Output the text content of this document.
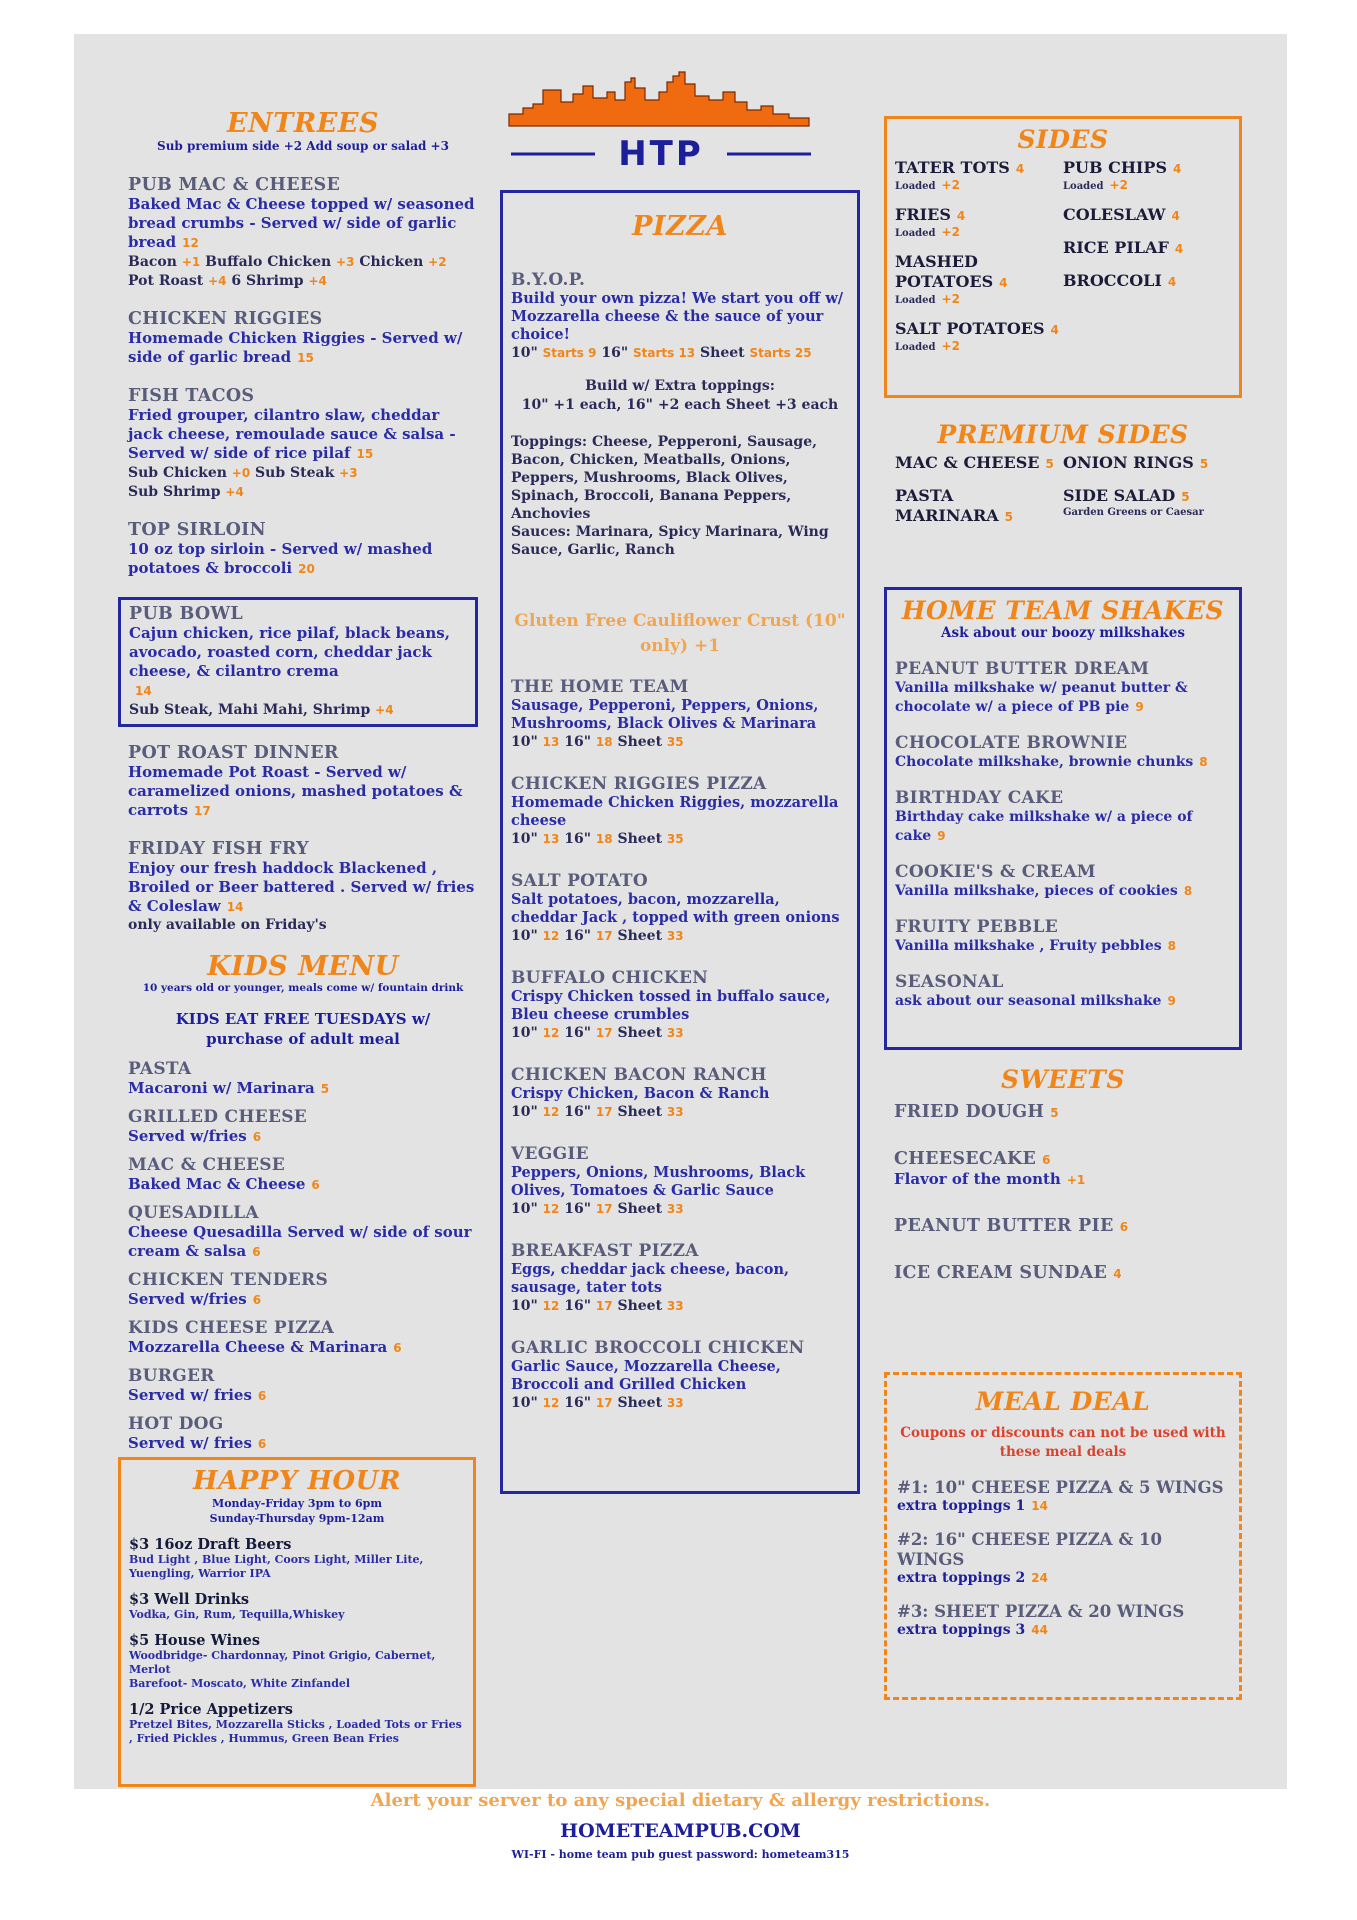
ENTREES
Sub premium side +2 Add soup or salad +3
PUB MAC & CHEESE
Baked Mac & Cheese topped w/ seasoned bread crumbs - Served w/ side of garlic bread 12
Bacon +1 Buffalo Chicken +3 Chicken +2
Pot Roast +4 6 Shrimp +4
CHICKEN RIGGIES
Homemade Chicken Riggies - Served w/ side of garlic bread 15
FISH TACOS
Fried grouper, cilantro slaw, cheddar jack cheese, remoulade sauce & salsa - Served w/ side of rice pilaf 15
Sub Chicken +0 Sub Steak +3
Sub Shrimp +4
TOP SIRLOIN
10 oz top sirloin - Served w/ mashed potatoes & broccoli 20
PUB BOWL
Cajun chicken, rice pilaf, black beans, avocado, roasted corn, cheddar jack cheese, & cilantro crema
14
Sub Steak, Mahi Mahi, Shrimp +4
POT ROAST DINNER
Homemade Pot Roast - Served w/ caramelized onions, mashed potatoes & carrots 17
FRIDAY FISH FRY
Enjoy our fresh haddock Blackened , Broiled or Beer battered . Served w/ fries & Coleslaw 14
only available on Friday's
KIDS MENU
10 years old or younger, meals come w/ fountain drink
KIDS EAT FREE TUESDAYS w/ purchase of adult meal
PASTA
Macaroni w/ Marinara 5
GRILLED CHEESE
Served w/fries 6
MAC & CHEESE
Baked Mac & Cheese 6
QUESADILLA
Cheese Quesadilla Served w/ side of sour cream & salsa 6
CHICKEN TENDERS
Served w/fries 6
KIDS CHEESE PIZZA
Mozzarella Cheese & Marinara 6
BURGER
Served w/ fries 6
HOT DOG
Served w/ fries 6
HAPPY HOUR
Monday-Friday 3pm to 6pm
Sunday-Thursday 9pm-12am
$3 16oz Draft Beers
Bud Light , Blue Light, Coors Light, Miller Lite, Yuengling, Warrior IPA
$3 Well Drinks
Vodka, Gin, Rum, Tequilla,Whiskey
$5 House Wines
Woodbridge- Chardonnay, Pinot Grigio, Cabernet, Merlot
Barefoot- Moscato, White Zinfandel
1/2 Price Appetizers
Pretzel Bites, Mozzarella Sticks , Loaded Tots or Fries , Fried Pickles , Hummus, Green Bean Fries
HTP
PIZZA
B.Y.O.P.
Build your own pizza! We start you off w/ Mozzarella cheese & the sauce of your choice!
10" Starts 9 16" Starts 13 Sheet Starts 25
Build w/ Extra toppings:
10" +1 each, 16" +2 each Sheet +3 each
Toppings: Cheese, Pepperoni, Sausage, Bacon, Chicken, Meatballs, Onions, Peppers, Mushrooms, Black Olives, Spinach, Broccoli, Banana Peppers, Anchovies
Sauces: Marinara, Spicy Marinara, Wing Sauce, Garlic, Ranch
Gluten Free Cauliflower Crust (10" only) +1
THE HOME TEAM
Sausage, Pepperoni, Peppers, Onions, Mushrooms, Black Olives & Marinara
10" 13 16" 18 Sheet 35
CHICKEN RIGGIES PIZZA
Homemade Chicken Riggies, mozzarella cheese
10" 13 16" 18 Sheet 35
SALT POTATO
Salt potatoes, bacon, mozzarella, cheddar Jack , topped with green onions
10" 12 16" 17 Sheet 33
BUFFALO CHICKEN
Crispy Chicken tossed in buffalo sauce, Bleu cheese crumbles
10" 12 16" 17 Sheet 33
CHICKEN BACON RANCH
Crispy Chicken, Bacon & Ranch
10" 12 16" 17 Sheet 33
VEGGIE
Peppers, Onions, Mushrooms, Black Olives, Tomatoes & Garlic Sauce
10" 12 16" 17 Sheet 33
BREAKFAST PIZZA
Eggs, cheddar jack cheese, bacon, sausage, tater tots
10" 12 16" 17 Sheet 33
GARLIC BROCCOLI CHICKEN
Garlic Sauce, Mozzarella Cheese, Broccoli and Grilled Chicken
10" 12 16" 17 Sheet 33
SIDES
TATER TOTS 4
Loaded +2
FRIES 4
Loaded +2
MASHED POTATOES 4
Loaded +2
SALT POTATOES 4
Loaded +2
PUB CHIPS 4
Loaded +2
COLESLAW 4
RICE PILAF 4
BROCCOLI 4
PREMIUM SIDES
MAC & CHEESE 5
PASTA MARINARA 5
ONION RINGS 5
SIDE SALAD 5
Garden Greens or Caesar
HOME TEAM SHAKES
Ask about our boozy milkshakes
PEANUT BUTTER DREAM
Vanilla milkshake w/ peanut butter & chocolate w/ a piece of PB pie 9
CHOCOLATE BROWNIE
Chocolate milkshake, brownie chunks 8
BIRTHDAY CAKE
Birthday cake milkshake w/ a piece of cake 9
COOKIE'S & CREAM
Vanilla milkshake, pieces of cookies 8
FRUITY PEBBLE
Vanilla milkshake , Fruity pebbles 8
SEASONAL
ask about our seasonal milkshake 9
SWEETS
FRIED DOUGH 5
CHEESECAKE 6
Flavor of the month +1
PEANUT BUTTER PIE 6
ICE CREAM SUNDAE 4
MEAL DEAL
Coupons or discounts can not be used with these meal deals
#1: 10" CHEESE PIZZA & 5 WINGS
extra toppings 1 14
#2: 16" CHEESE PIZZA & 10 WINGS
extra toppings 2 24
#3: SHEET PIZZA & 20 WINGS
extra toppings 3 44
Alert your server to any special dietary & allergy restrictions.
HOMETEAMPUB.COM
WI-FI - home team pub guest password: hometeam315
